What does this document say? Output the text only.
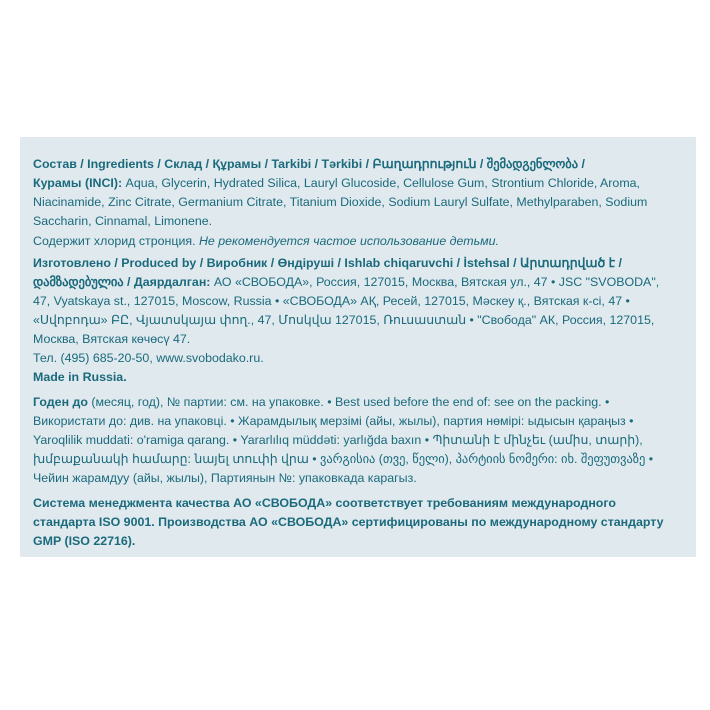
Состав / Ingredients / Склад / Құрамы / Tarkibi / Tərkibi / Բաղադրություն / შემადგენლობა /
Курамы (INCI): Aqua, Glycerin, Hydrated Silica, Lauryl Glucoside, Cellulose Gum, Strontium Chloride, Aroma, Niacinamide, Zinc Citrate, Germanium Citrate, Titanium Dioxide, Sodium Lauryl Sulfate, Methylparaben, Sodium Saccharin, Cinnamal, Limonene.

Содержит хлорид стронция. Не рекомендуется частое использование детьми.

Изготовлено / Produced by / Виробник / Өндіруші / Ishlab chiqaruvchi / İstehsal / Արտադրված է / დამზადებულია / Даярдалган: АО «СВОБОДА», Россия, 127015, Москва, Вятская ул., 47 • JSC "SVOBODA", 47, Vyatskaya st., 127015, Moscow, Russia • «СВОБОДА» АҚ, Ресей, 127015, Мәскеу қ., Вятская к-сі, 47 • «Սվոբոդա» ԲԸ, Վյատսկայա փող., 47, Մոսկվա 127015, Ռուսաստան • "Свобода" АК, Россия, 127015, Москва, Вятская көчөсү 47.
Тел. (495) 685-20-50, www.svobodako.ru.
Made in Russia.

Годен до (месяц, год), № партии: см. на упаковке. • Best used before the end of: see on the packing. • Використати до: див. на упаковці. • Жарамдылық мерзімі (айы, жылы), партия нөмірі: ыдысын қараңыз • Yaroqlilik muddati: o'ramiga qarang. • Yararlılıq müddəti: yarlığda baxın • Պիտանի է մինչեւ (ամիս, տարի), խմբաքանակի համարը: նայել տուփի վրա • ვარგისია (თვე, წელი), პარტიის ნომერი: იხ. შეფუთვაზე • Чейин жарамдуу (айы, жылы), Партиянын №: упаковкада карагыз.

Система менеджмента качества АО «СВОБОДА» соответствует требованиям международного стандарта ISO 9001. Производства АО «СВОБОДА» сертифицированы по международному стандарту GMP (ISO 22716).
